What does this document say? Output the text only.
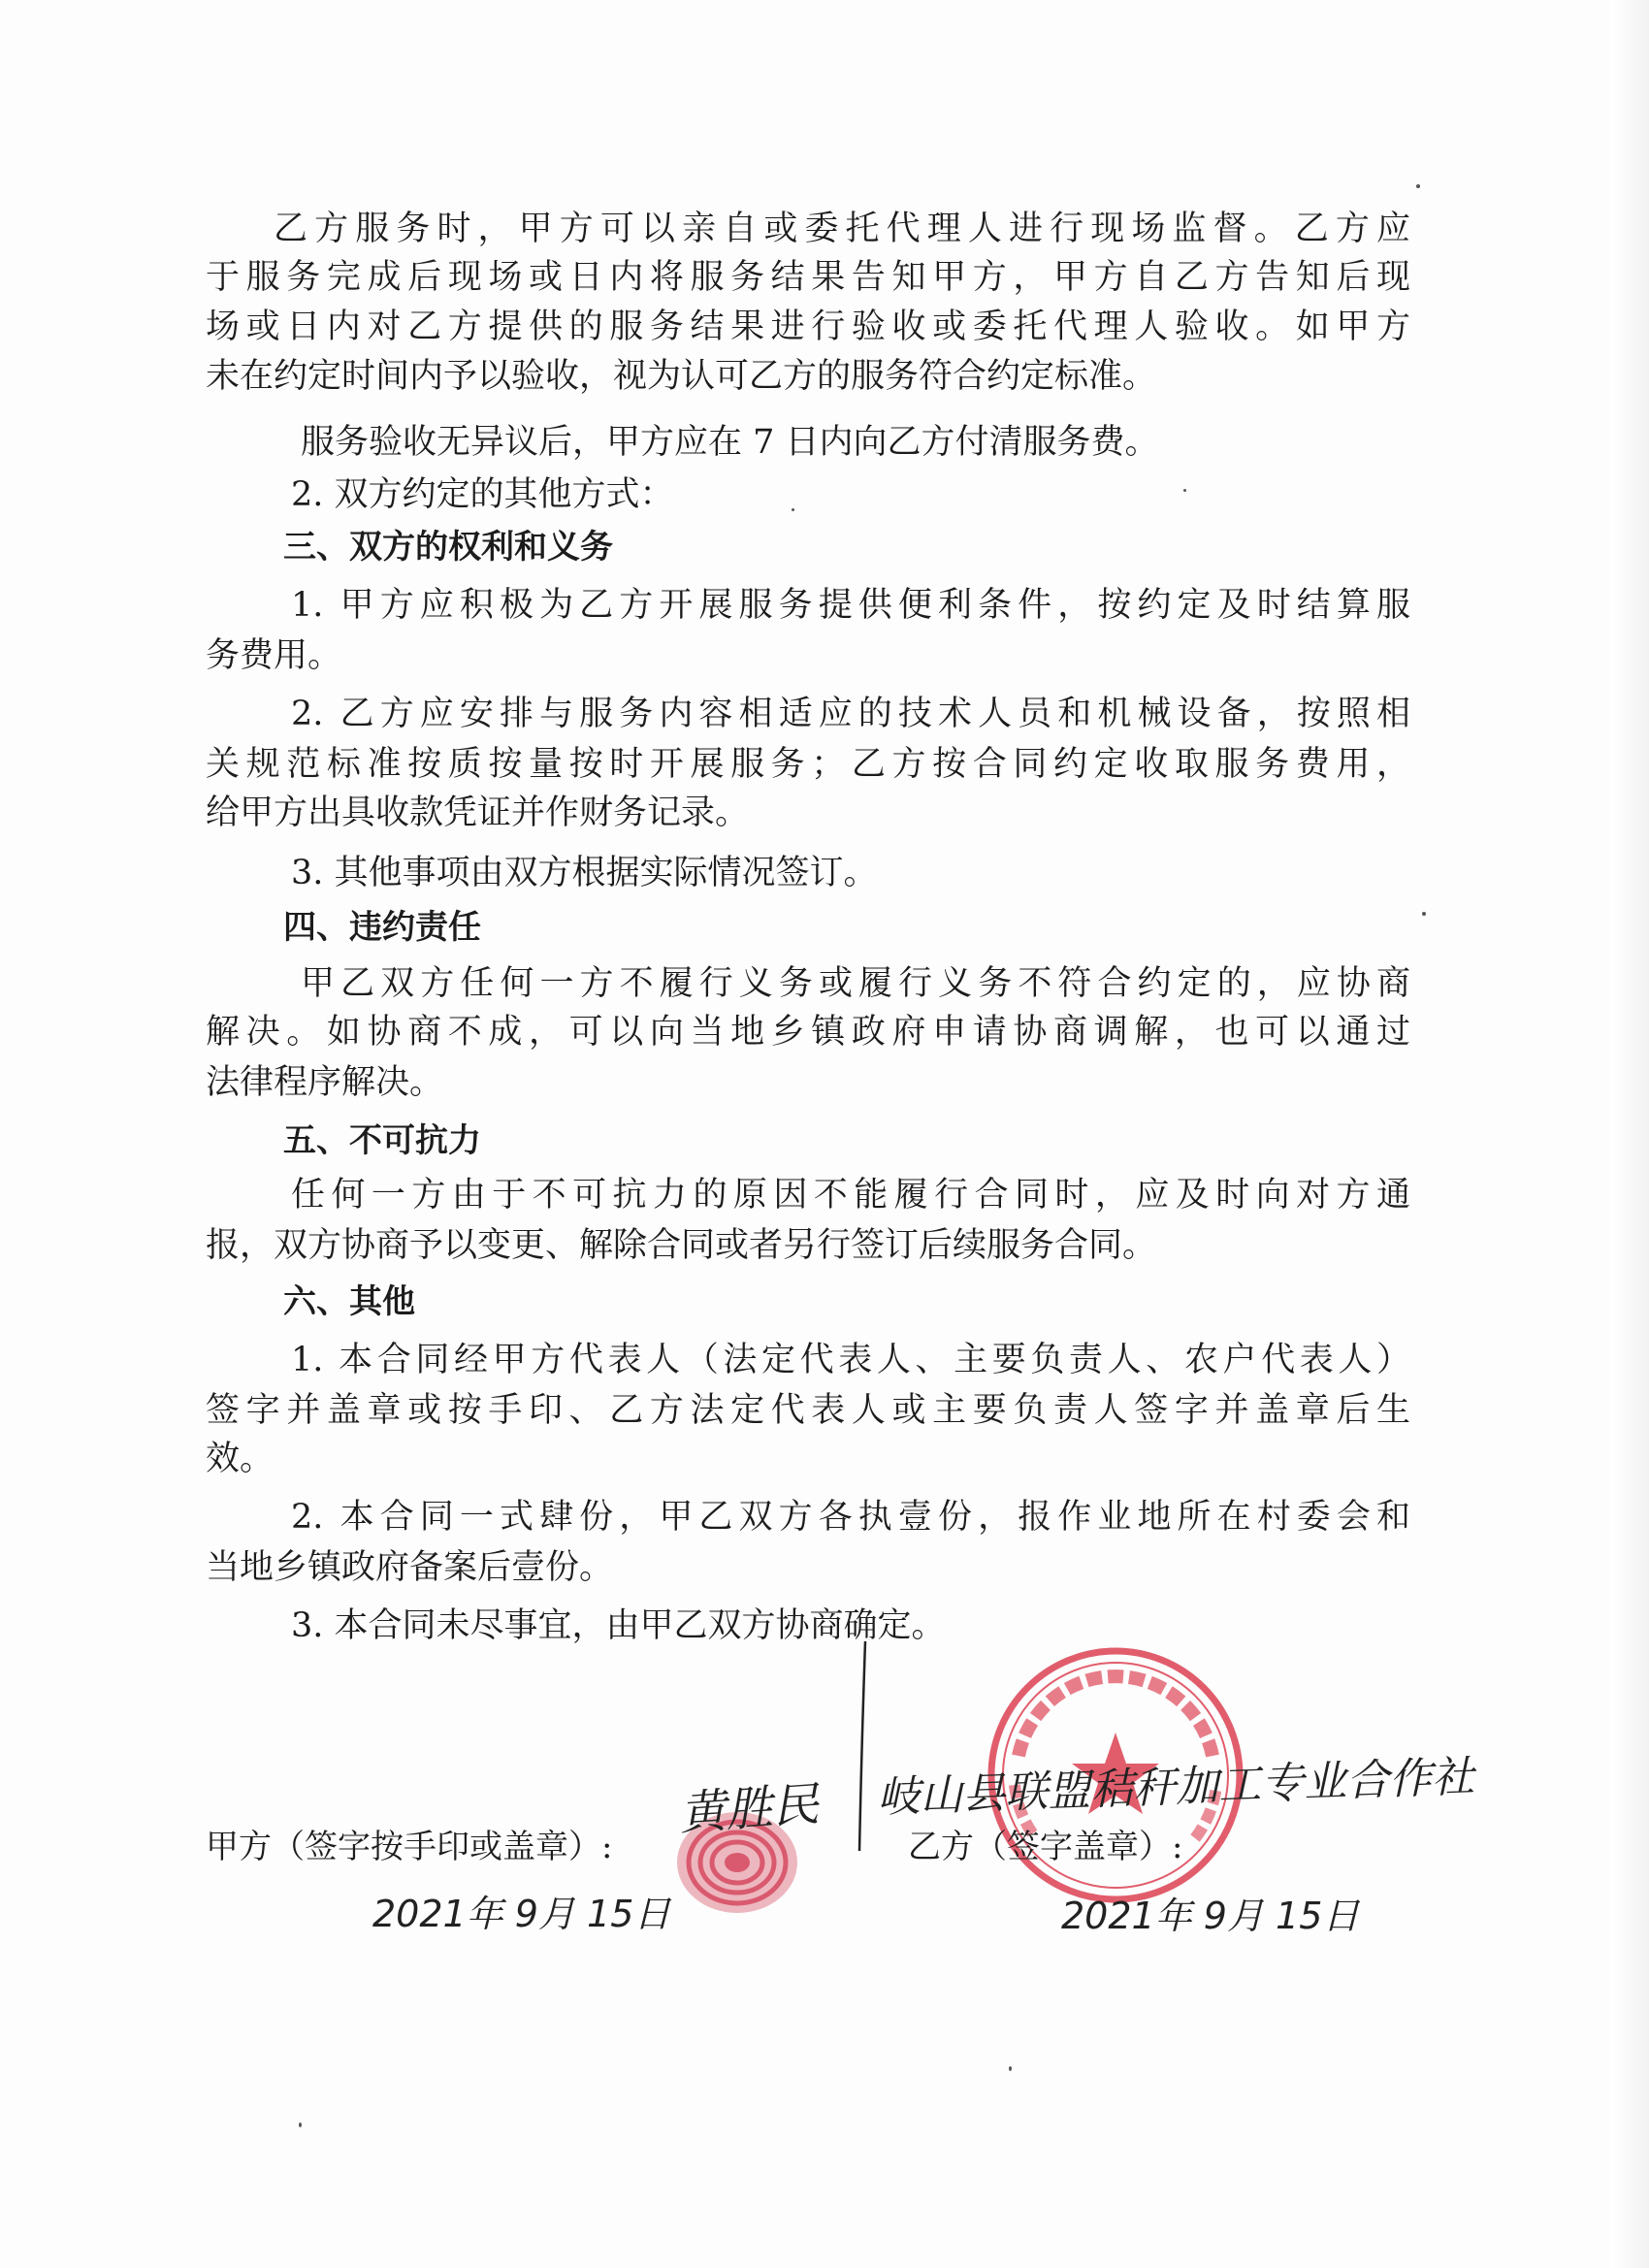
乙方服务时，甲方可以亲自或委托代理人进行现场监督。乙方应
于服务完成后现场或日内将服务结果告知甲方，甲方自乙方告知后现
场或日内对乙方提供的服务结果进行验收或委托代理人验收。如甲方
未在约定时间内予以验收，视为认可乙方的服务符合约定标准。
服务验收无异议后，甲方应在 7 日内向乙方付清服务费。
2. 双方约定的其他方式：
三、双方的权利和义务
1. 甲方应积极为乙方开展服务提供便利条件，按约定及时结算服
务费用。
2. 乙方应安排与服务内容相适应的技术人员和机械设备，按照相
关规范标准按质按量按时开展服务；乙方按合同约定收取服务费用，
给甲方出具收款凭证并作财务记录。
3. 其他事项由双方根据实际情况签订。
四、违约责任
甲乙双方任何一方不履行义务或履行义务不符合约定的，应协商
解决。如协商不成，可以向当地乡镇政府申请协商调解，也可以通过
法律程序解决。
五、不可抗力
任何一方由于不可抗力的原因不能履行合同时，应及时向对方通
报，双方协商予以变更、解除合同或者另行签订后续服务合同。
六、其他
1. 本合同经甲方代表人（法定代表人、主要负责人、农户代表人）
签字并盖章或按手印、乙方法定代表人或主要负责人签字并盖章后生
效。
2. 本合同一式肆份，甲乙双方各执壹份，报作业地所在村委会和
当地乡镇政府备案后壹份。
3. 本合同未尽事宜，由甲乙双方协商确定。
甲方（签字按手印或盖章）:	乙方（签字盖章）:
黄胜民 岐山县联盟秸秆加工专业合作社
2021年 9月 15日	2021年 9月 15日
